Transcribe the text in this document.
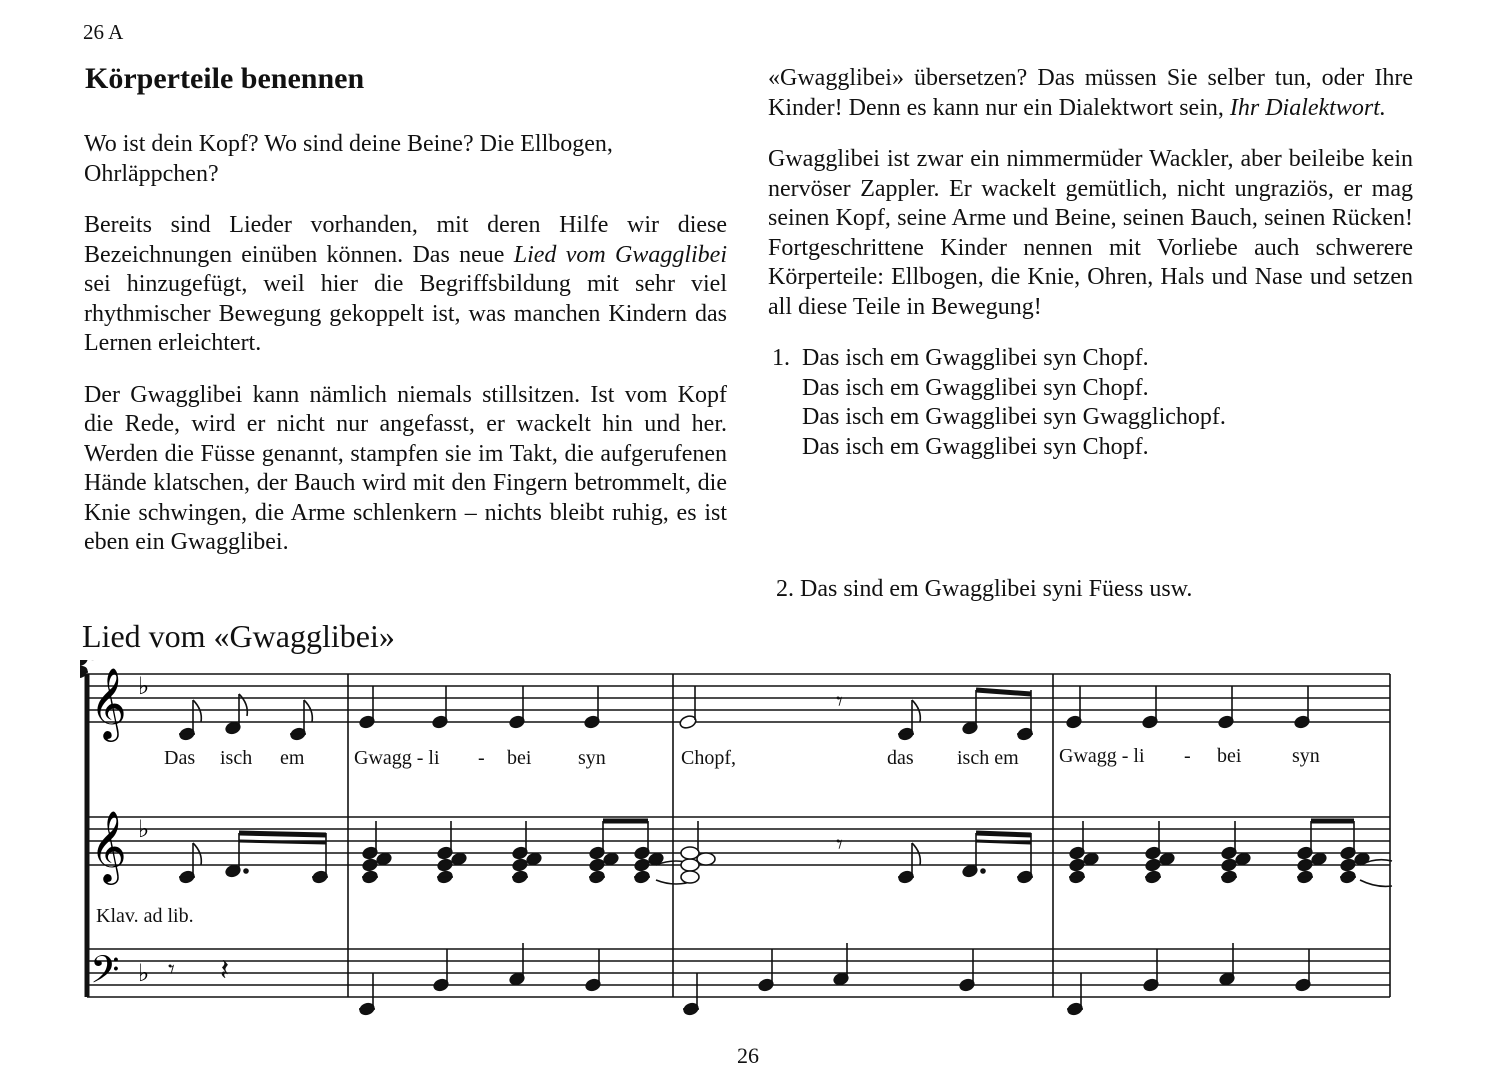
26 A
Körperteile benennen

Wo ist dein Kopf? Wo sind deine Beine? Die Ellbogen, Ohrläppchen?

Bereits sind Lieder vorhanden, mit deren Hilfe wir diese Bezeichnungen einüben können. Das neue Lied vom Gwagglibei sei hinzugefügt, weil hier die Begriffsbildung mit sehr viel rhythmischer Bewegung gekoppelt ist, was manchen Kindern das Lernen erleichtert.

Der Gwagglibei kann nämlich niemals stillsitzen. Ist vom Kopf die Rede, wird er nicht nur angefasst, er wackelt hin und her. Werden die Füsse genannt, stampfen sie im Takt, die aufgerufenen Hände klatschen, der Bauch wird mit den Fingern betrommelt, die Knie schwingen, die Arme schlenkern – nichts bleibt ruhig, es ist eben ein Gwagglibei.

«Gwagglibei» übersetzen? Das müssen Sie selber tun, oder Ihre Kinder! Denn es kann nur ein Dialektwort sein, Ihr Dialektwort.

Gwagglibei ist zwar ein nimmermüder Wackler, aber beileibe kein nervöser Zappler. Er wackelt gemütlich, nicht ungraziös, er mag seinen Kopf, seine Arme und Beine, seinen Bauch, seinen Rücken! Fortgeschrittene Kinder nennen mit Vorliebe auch schwerere Körperteile: Ellbogen, die Knie, Ohren, Hals und Nase und setzen all diese Teile in Bewegung!

1. Das isch em Gwagglibei syn Chopf.
Das isch em Gwagglibei syn Chopf.
Das isch em Gwagglibei syn Gwagglichopf.
Das isch em Gwagglibei syn Chopf.
2. Das sind em Gwagglibei syni Füess usw.
Lied vom «Gwagglibei»
𝄞
𝄞
𝄢
♭
♭
♭
𝄾
𝄾
𝄾 𝄽
Das isch em Gwagg - li - bei syn	Chopf,	das isch em Gwagg - li - bei	syn
Klav. ad lib.
26
